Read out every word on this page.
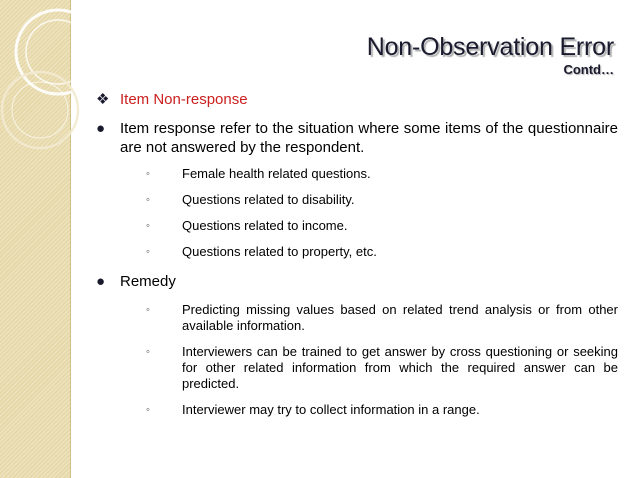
Non-Observation Error
Contd…
❖ Item Non-response
● Item response refer to the situation where some items of the questionnaire are not answered by the respondent.
◦ Female health related questions.
◦ Questions related to disability.
◦ Questions related to income.
◦ Questions related to property, etc.
● Remedy
◦ Predicting missing values based on related trend analysis or from other available information.
◦ Interviewers can be trained to get answer by cross questioning or seeking for other related information from which the required answer can be predicted.
◦ Interviewer may try to collect information in a range.
